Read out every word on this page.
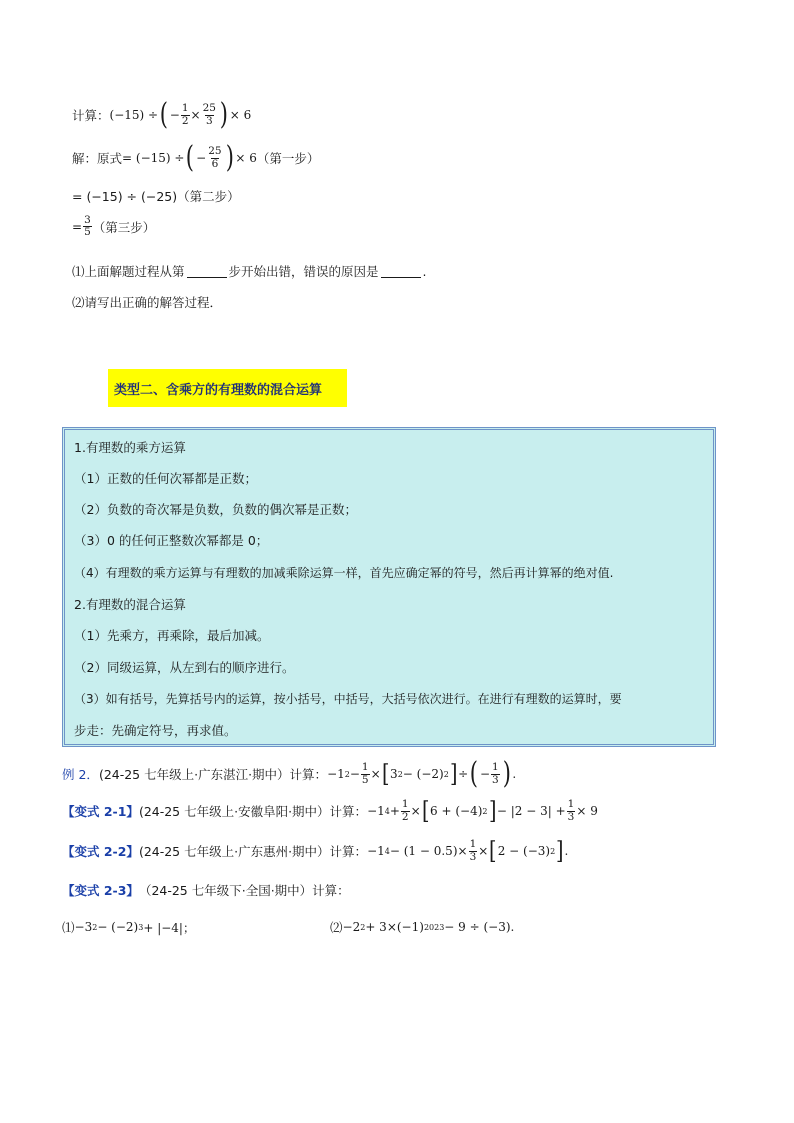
计算： (−15) ÷ ( − $\frac{1}{2} \times \frac{25}{3}$ ) × 6
解：原式 = (−15) ÷ ( − $\frac{25}{6}$ ) × 6 （第一步）
= (−15) ÷ (−25)（第二步）
= $\frac{3}{5}$ （第三步）
⑴上面解题过程从第	步开始出错，错误的原因是	.
⑵请写出正确的解答过程．
类型二、含乘方的有理数的混合运算
1.有理数的乘方运算
（1）正数的任何次幂都是正数；
（2）负数的奇次幂是负数，负数的偶次幂是正数；
（3）0 的任何正整数次幂都是 0；
（4）有理数的乘方运算与有理数的加减乘除运算一样，首先应确定幂的符号，然后再计算幂的绝对值.
2.有理数的混合运算
（1）先乘方，再乘除，最后加减。
（2）同级运算，从左到右的顺序进行。
（3）如有括号，先算括号内的运算，按小括号，中括号，大括号依次进行。在进行有理数的运算时，要
步走：先确定符号，再求值。
例 2． (24-25 七年级上·广东湛江·期中）计算： −1 $2 - \frac{1}{5}$ × [ 3 2 − (−2) 2 ] ÷ ( − $\frac{1}{3}$ ) .
【变式 2-1】 (24-25 七年级上·安徽阜阳·期中）计算： −1 $4 + \frac{1}{2}$ × [ 6 + (−4) 2 ] − $|2 - 3| + \frac{1}{3} \times 9$
【变式 2-2】 (24-25 七年级上·广东惠州·期中）计算： −1 $4 - (1 - 0.5)\times \frac{1}{3}$ × [ 2 − (−3) 2 ] .
【变式 2-3】 （24-25 七年级下·全国·期中）计算：
⑴ −3 2 − (−2) 3 + |−4|；	⑵ −2 2 + 3×(−1) 2023 − 9 ÷ (−3).
